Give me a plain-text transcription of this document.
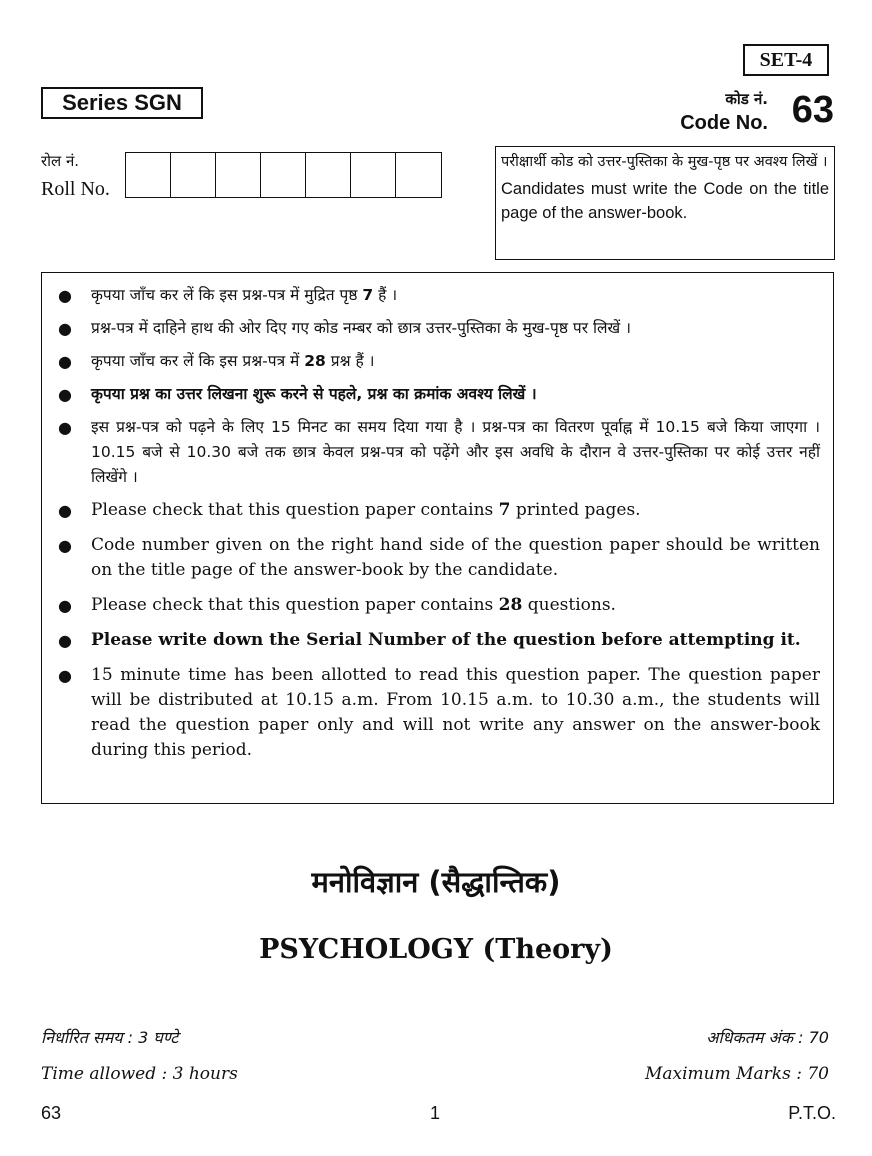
SET-4
Series SGN	कोड नं.
Code No. 63
रोल नं.
Roll No.
परीक्षार्थी कोड को उत्तर-पुस्तिका के मुख-पृष्ठ पर अवश्य लिखें ।
Candidates must write the Code on the title page of the answer-book.
● कृपया जाँच कर लें कि इस प्रश्न-पत्र में मुद्रित पृष्ठ 7 हैं ।
● प्रश्न-पत्र में दाहिने हाथ की ओर दिए गए कोड नम्बर को छात्र उत्तर-पुस्तिका के मुख-पृष्ठ पर लिखें ।
● कृपया जाँच कर लें कि इस प्रश्न-पत्र में 28 प्रश्न हैं ।
● कृपया प्रश्न का उत्तर लिखना शुरू करने से पहले, प्रश्न का क्रमांक अवश्य लिखें ।
● इस प्रश्न-पत्र को पढ़ने के लिए 15 मिनट का समय दिया गया है । प्रश्न-पत्र का वितरण पूर्वाह्न में 10.15 बजे किया जाएगा । 10.15 बजे से 10.30 बजे तक छात्र केवल प्रश्न-पत्र को पढ़ेंगे और इस अवधि के दौरान वे उत्तर-पुस्तिका पर कोई उत्तर नहीं लिखेंगे ।
● Please check that this question paper contains 7 printed pages.
● Code number given on the right hand side of the question paper should be written on the title page of the answer-book by the candidate.
● Please check that this question paper contains 28 questions.
● Please write down the Serial Number of the question before attempting it.
● 15 minute time has been allotted to read this question paper. The question paper will be distributed at 10.15 a.m. From 10.15 a.m. to 10.30 a.m., the students will read the question paper only and will not write any answer on the answer-book during this period.
मनोविज्ञान (सैद्धान्तिक)
PSYCHOLOGY (Theory)
निर्धारित समय : 3 घण्टे	अधिकतम अंक : 70
Time allowed : 3 hours	Maximum Marks : 70
63	1	P.T.O.
